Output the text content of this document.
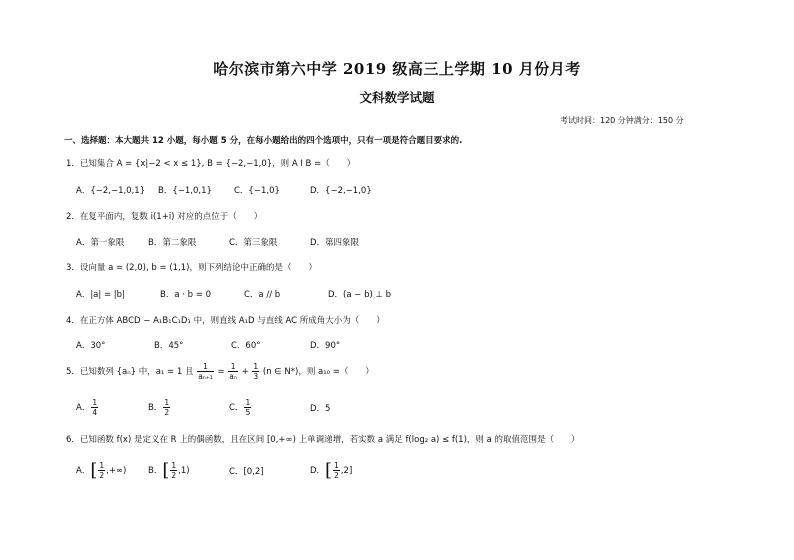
哈尔滨市第六中学 2019 级高三上学期 10 月份月考
文科数学试题
考试时间：120 分钟满分：150 分
一、选择题：本大题共 12 小题，每小题 5 分，在每小题给出的四个选项中，只有一项是符合题目要求的.
1．已知集合 A = {x|−2 < x ≤ 1}, B = {−2,−1,0}，则 A I B =（　　）
A．{−2,−1,0,1} B．{−1,0,1}	C．{−1,0}	D．{−2,−1,0}
2．在复平面内，复数 i(1+i) 对应的点位于（　　）
A．第一象限	B．第二象限	C．第三象限	D．第四象限
3．设向量 a = (2,0), b = (1,1)，则下列结论中正确的是（　　）
A．|a| = |b|	B．a · b = 0	C．a // b	D．(a − b) ⊥ b
4．在正方体 ABCD − A₁B₁C₁D₁ 中，则直线 A₁D 与直线 AC 所成角大小为（　　）
A．30°	B．45°	C．60°	D．90°
5．已知数列 {aₙ} 中，a₁ = 1 且 $\frac{1}{\text{aₙ₊₁}} = \frac{1}{\text{aₙ}} + \frac{1}{3} (n$ ∈ N*)，则 a₁₀ =（　　）
A． $\frac{1}{4}$	B． $\frac{1}{2}$	C． $\frac{1}{5}$	D．5
6．已知函数 f(x) 是定义在 R 上的偶函数，且在区间 [0,+∞) 上单调递增，若实数 a 满足 f(log₂ a) ≤ f(1)，则 a 的取值范围是（　　）
A．[ $\frac{1}{2}$ ,+∞)	B．[ $\frac{1}{2} ,1$)	C．[0,2]	D．[ $\frac{1}{2} ,2$]
